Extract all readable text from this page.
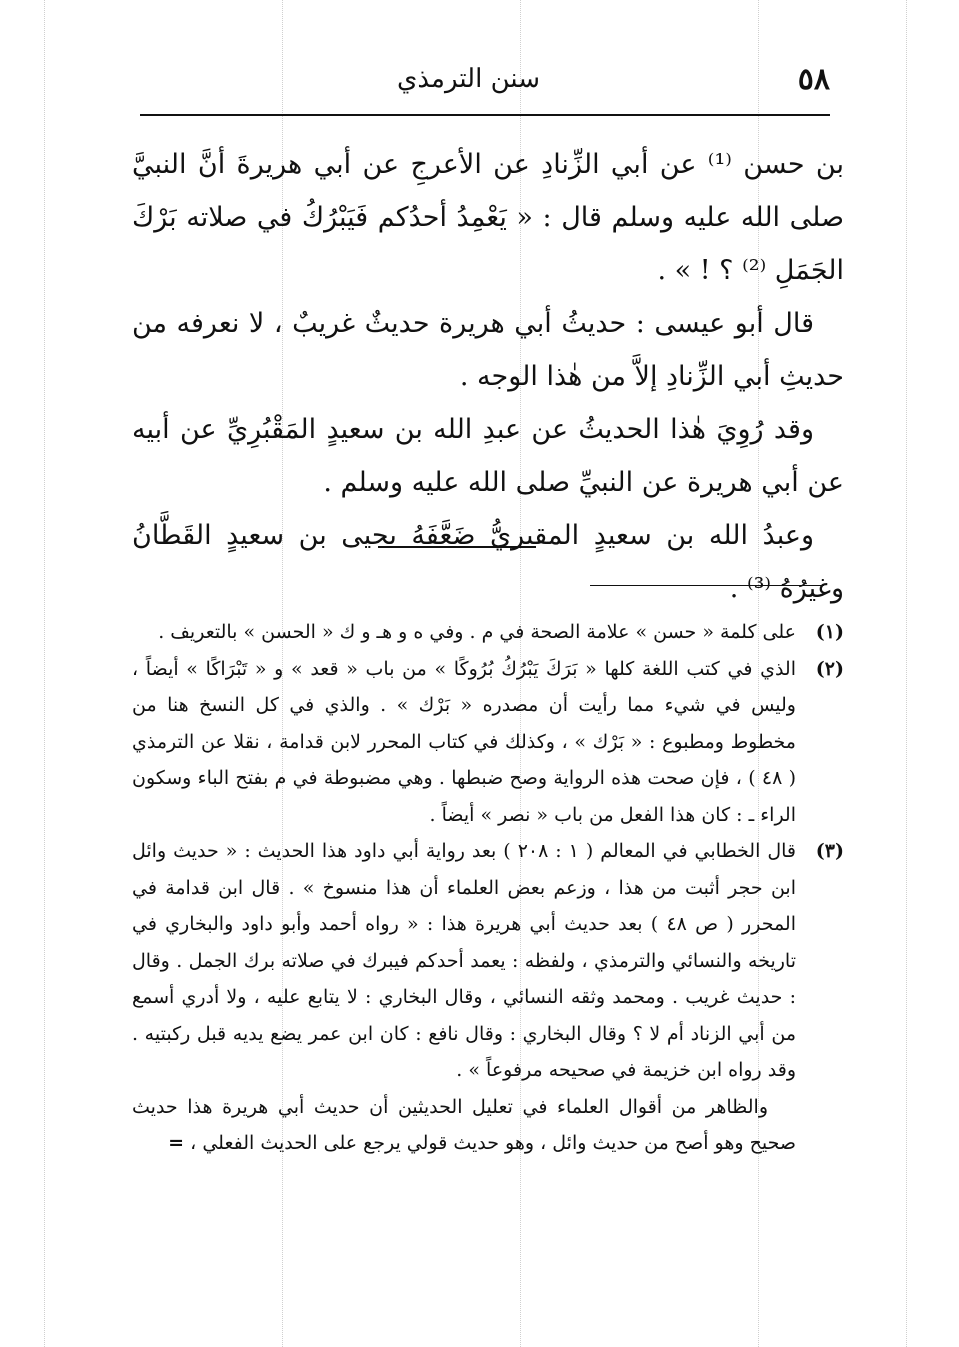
٥٨
سنن الترمذي

بن حسن ⁽¹⁾ عن أبي الزِّنادِ عن الأعرجِ عن أبي هريرةَ أنَّ النبيَّ صلى الله عليه وسلم قال : « يَعْمِدُ أحدُكم فَيَبْرُكُ في صلاته بَرْكَ الجَمَلِ ⁽²⁾ ؟ ! » .

قال أبو عيسى : حديثُ أبي هريرة حديثٌ غريبٌ ، لا نعرفه من حديثِ أبي الزِّنادِ إلاَّ من هٰذا الوجه .

وقد رُوِيَ هٰذا الحديثُ عن عبدِ الله بن سعيدٍ المَقْبُرِيِّ عن أبيه عن أبي هريرة عن النبيِّ صلى الله عليه وسلم .

وعبدُ الله بن سعيدٍ المقبريُّ ضَعَّفَهُ يحيى بن سعيدٍ القَطَّانُ وغيرُهُ ⁽³⁾ .

(١)على كلمة « حسن » علامة الصحة في م . وفي ه و هـ و ك « الحسن » بالتعريف .

(٢)الذي في كتب اللغة كلها « بَرَكَ يَبْرُكُ بُرُوكًا » من باب « قعد » و « تَبْرَاكًا » أيضاً ، وليس في شيء مما رأيت أن مصدره « بَرْك » . والذي في كل النسخ هنا من مخطوط ومطبوع : « بَرْك » ، وكذلك في كتاب المحرر لابن قدامة ، نقلا عن الترمذي ( ٤٨ ) ، فإن صحت هذه الرواية وصح ضبطها . وهي مضبوطة في م بفتح الباء وسكون الراء ـ : كان هذا الفعل من باب « نصر » أيضاً .

(٣)قال الخطابي في المعالم ( ١ : ٢٠٨ ) بعد رواية أبي داود هذا الحديث : « حديث وائل ابن حجر أثبت من هذا ، وزعم بعض العلماء أن هذا منسوخ » . قال ابن قدامة في المحرر ( ص ٤٨ ) بعد حديث أبي هريرة هذا : « رواه أحمد وأبو داود والبخاري في تاريخه والنسائي والترمذي ، ولفظه : يعمد أحدكم فيبرك في صلاته برك الجمل . وقال : حديث غريب . ومحمد وثقه النسائي ، وقال البخاري : لا يتابع عليه ، ولا أدري أسمع من أبي الزناد أم لا ؟ وقال البخاري : وقال نافع : كان ابن عمر يضع يديه قبل ركبتيه . وقد رواه ابن خزيمة في صحيحه مرفوعاً » .

والظاهر من أقوال العلماء في تعليل الحديثين أن حديث أبي هريرة هذا حديث صحيح وهو أصح من حديث وائل ، وهو حديث قولي يرجع على الحديث الفعلي ، =
